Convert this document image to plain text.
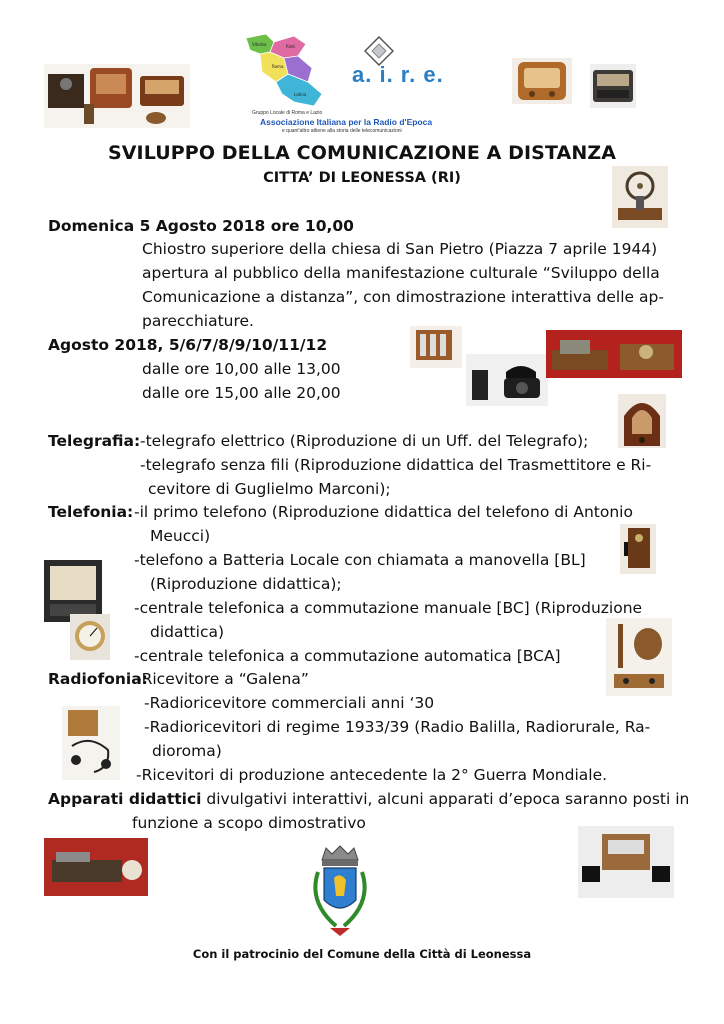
Viterbo	Rieti
Roma
Latina
Gruppo Locale di Roma e Lazio
Associazione Italiana per la Radio d'Epoca
e quant'altro attiene alla storia delle telecomunicazioni
a. i. r. e.
SVILUPPO DELLA COMUNICAZIONE A DISTANZA
CITTA’ DI LEONESSA (RI)
Domenica 5 Agosto 2018 ore 10,00
Chiostro superiore della chiesa di San Pietro (Piazza 7 aprile 1944)
apertura al pubblico della manifestazione culturale “Sviluppo della
Comunicazione a distanza”, con dimostrazione interattiva delle ap-
parecchiature.
Agosto 2018, 5/6/7/8/9/10/11/12
dalle ore 10,00 alle 13,00
dalle ore 15,00 alle 20,00
Telegrafia: -telegrafo elettrico (Riproduzione di un Uff. del Telegrafo);
-telegrafo senza fili (Riproduzione didattica del Trasmettitore e Ri-
cevitore di Guglielmo Marconi);
Telefonia: -il primo telefono (Riproduzione didattica del telefono di Antonio
Meucci)
-telefono a Batteria Locale con chiamata a manovella [BL]
(Riproduzione didattica);
-centrale telefonica a commutazione manuale [BC] (Riproduzione
didattica)
-centrale telefonica a commutazione automatica [BCA]
Radiofonia:
-Ricevitore a “Galena”
-Radioricevitore commerciali anni ‘30
-Radioricevitori di regime 1933/39 (Radio Balilla, Radiorurale, Ra-
dioroma)
-Ricevitori di produzione antecedente la 2° Guerra Mondiale.
Apparati didattici divulgativi interattivi, alcuni apparati d’epoca saranno posti in
funzione a scopo dimostrativo
Con il patrocinio del Comune della Città di Leonessa
